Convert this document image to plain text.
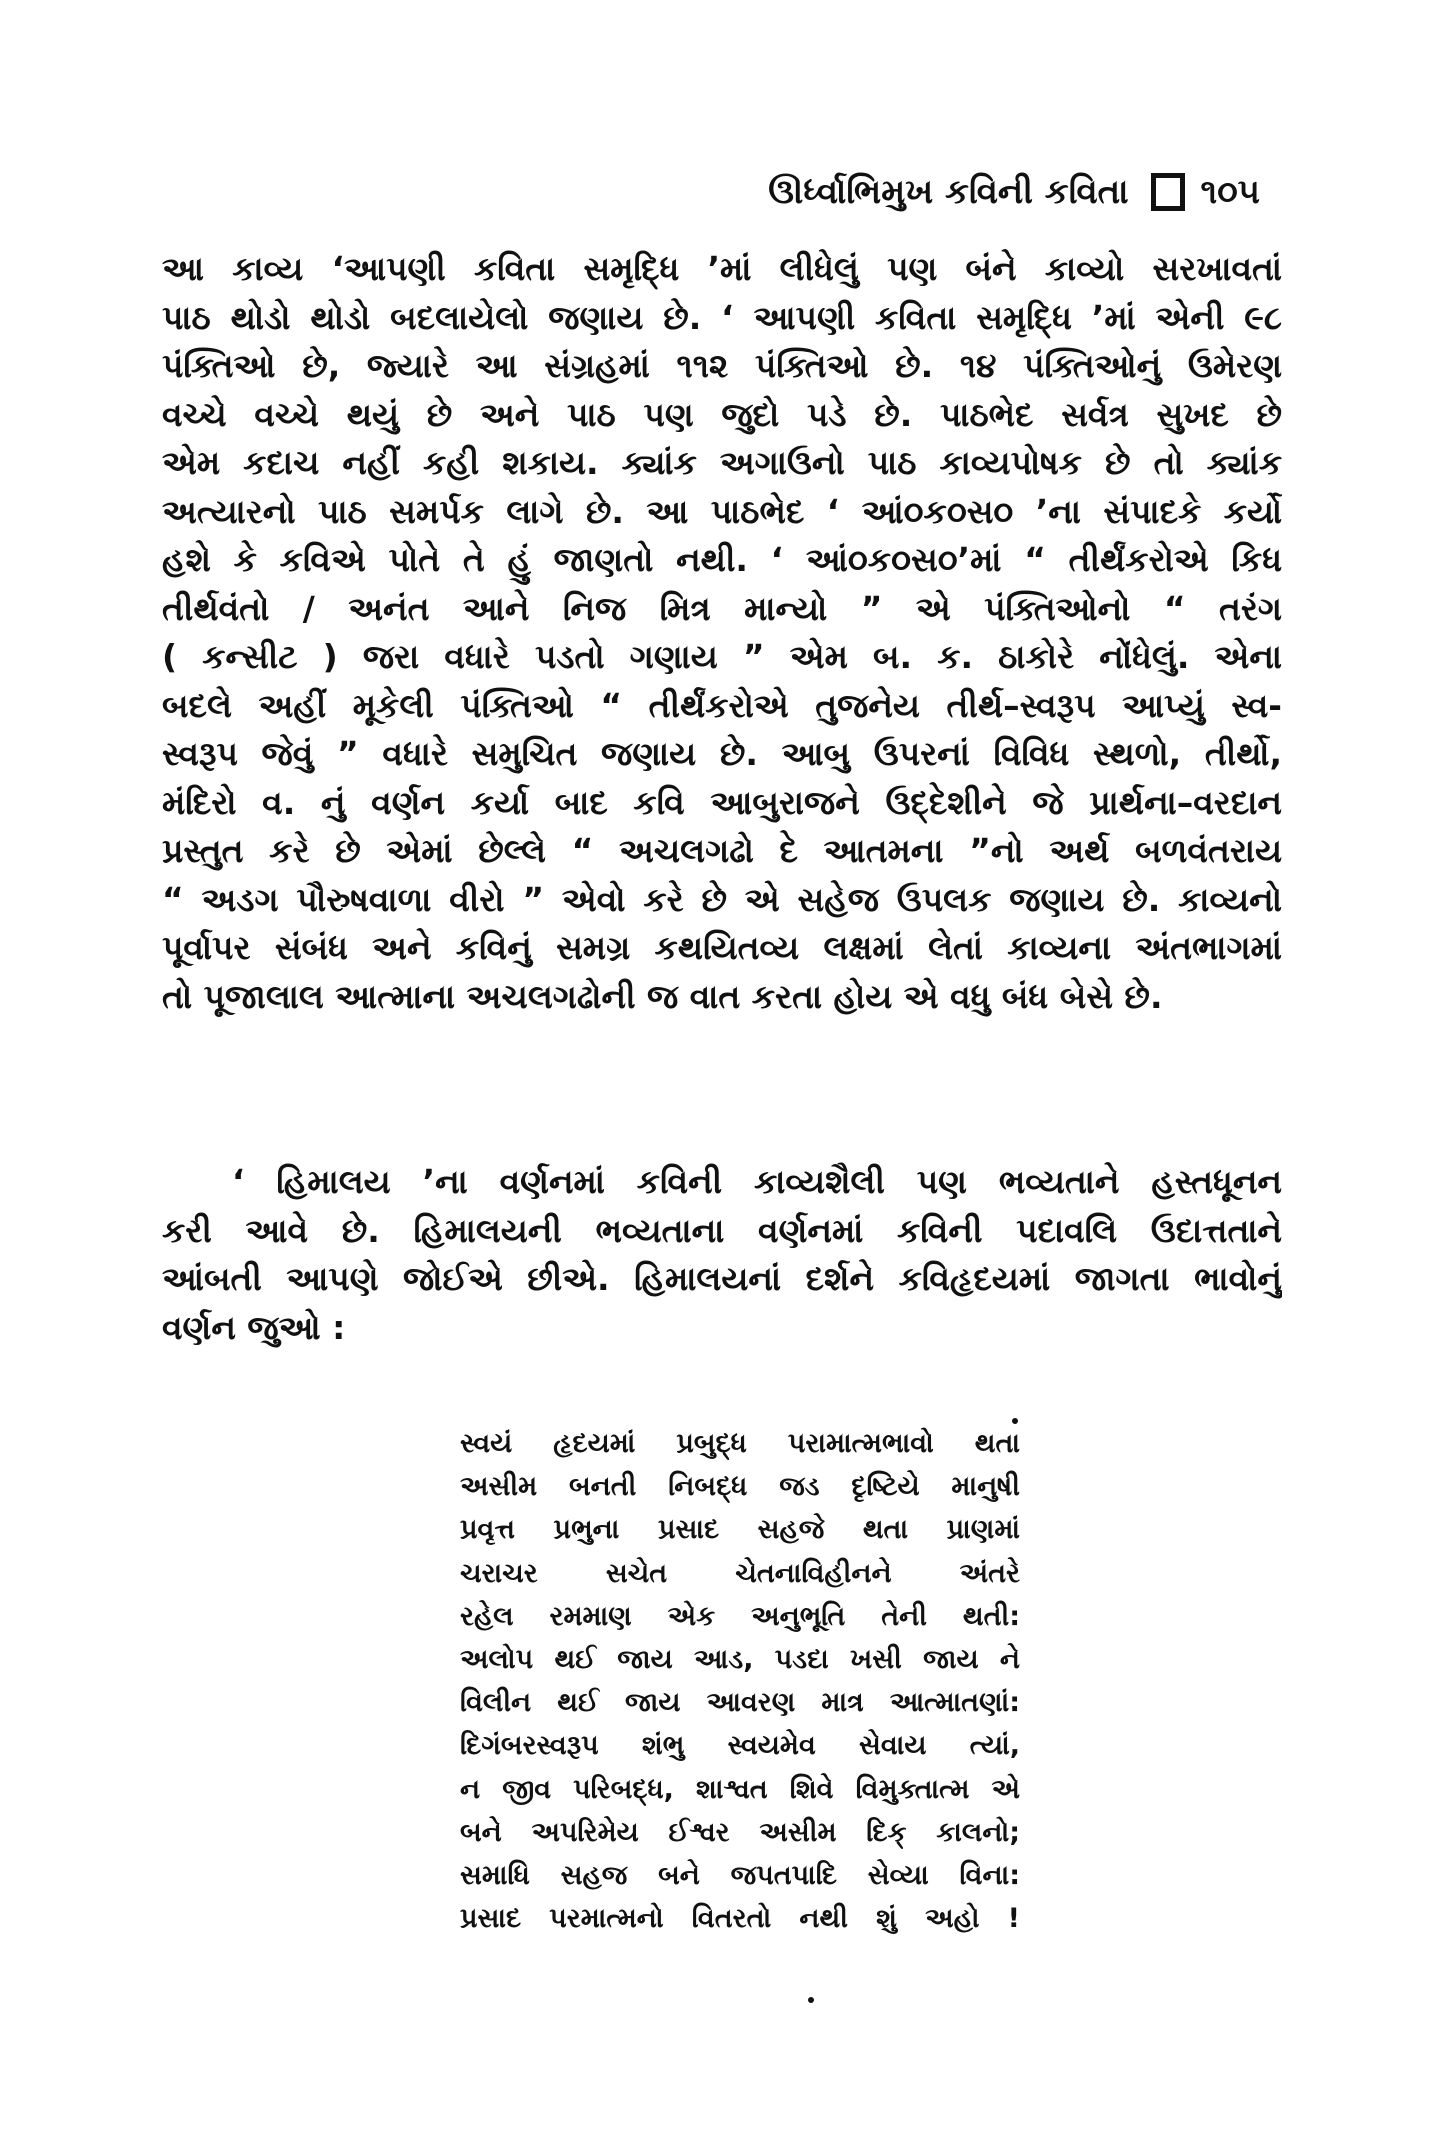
ઊર્ધ્વાભિમુખ કવિની કવિતા ૧૦૫
આ કાવ્ય ‘આપણી કવિતા સમૃદ્ધિ ’માં લીધેલું પણ બંને કાવ્યો સરખાવતાં
પાઠ થોડો થોડો બદલાયેલો જણાય છે. ‘ આપણી કવિતા સમૃદ્ધિ ’માં એની ૯૮
પંક્તિઓ છે, જ્યારે આ સંગ્રહમાં ૧૧૨ પંક્તિઓ છે. ૧૪ પંક્તિઓનું ઉમેરણ
વચ્ચે વચ્ચે થયું છે અને પાઠ પણ જુદો પડે છે. પાઠભેદ સર્વત્ર સુખદ છે
એમ કદાચ નહીં કહી શકાય. ક્યાંક અગાઉનો પાઠ કાવ્યપોષક છે તો ક્યાંક
અત્યારનો પાઠ સમર્પક લાગે છે. આ પાઠભેદ ‘ આં૦ક૦સ૦ ’ના સંપાદકે કર્યો
હશે કે કવિએ પોતે તે હું જાણતો નથી. ‘ આં૦ક૦સ૦’માં “ તીર્થંકરોએ કિધ
તીર્થવંતો / અનંત આને નિજ મિત્ર માન્યો ” એ પંક્તિઓનો “ તરંગ
( કન્સીટ ) જરા વધારે પડતો ગણાય ” એમ બ. ક. ઠાકોરે નોંધેલું. એના
બદલે અહીં મૂકેલી પંક્તિઓ “ તીર્થંકરોએ તુજનેય તીર્થ–સ્વરૂપ આપ્યું સ્વ-
સ્વરૂપ જેવું ” વધારે સમુચિત જણાય છે. આબુ ઉપરનાં વિવિધ સ્થળો, તીર્થો,
મંદિરો વ. નું વર્ણન કર્યા બાદ કવિ આબુરાજને ઉદ્દેશીને જે પ્રાર્થના–વરદાન
પ્રસ્તુત કરે છે એમાં છેલ્લે “ અચલગઢો દે આતમના ”નો અર્થ બળવંતરાય
“ અડગ પૌરુષવાળા વીરો ” એવો કરે છે એ સહેજ ઉપલક જણાય છે. કાવ્યનો
પૂર્વાપર સંબંધ અને કવિનું સમગ્ર કથયિતવ્ય લક્ષમાં લેતાં કાવ્યના અંતભાગમાં
તો પૂજાલાલ આત્માના અચલગઢોની જ વાત કરતા હોય એ વધુ બંધ બેસે છે.
‘ હિમાલય ’ના વર્ણનમાં કવિની કાવ્યશૈલી પણ ભવ્યતાને હસ્તધૂનન
કરી આવે છે. હિમાલયની ભવ્યતાના વર્ણનમાં કવિની પદાવલિ ઉદાત્તતાને
આંબતી આપણે જોઈએ છીએ. હિમાલયનાં દર્શને કવિહૃદયમાં જાગતા ભાવોનું
વર્ણન જુઓ :
સ્વયં હૃદયમાં પ્રબુદ્ધ પરામાત્મભાવો થતા
અસીમ બનતી નિબદ્ધ જડ દૃષ્ટિયે માનુષી
પ્રવૃત્ત પ્રભુના પ્રસાદ સહજે થતા પ્રાણમાં
ચરાચર સચેત ચેતનાવિહીનને અંતરે
રહેલ રમમાણ એક અનુભૂતિ તેની થતી:
અલોપ થઈ જાય આડ, પડદા ખસી જાય ને
વિલીન થઈ જાય આવરણ માત્ર આત્માતણાં:
દિગંબરસ્વરૂપ શંભુ સ્વયમેવ સેવાય ત્યાં,
ન જીવ પરિબદ્ધ, શાશ્વત શિવે વિમુક્તાત્મ એ
બને અપરિમેય ઈશ્વર અસીમ દિક્ કાલનો;
સમાધિ સહજ બને જપતપાદિ સેવ્યા વિના:
પ્રસાદ પરમાત્મનો વિતરતો નથી શું અહો !
